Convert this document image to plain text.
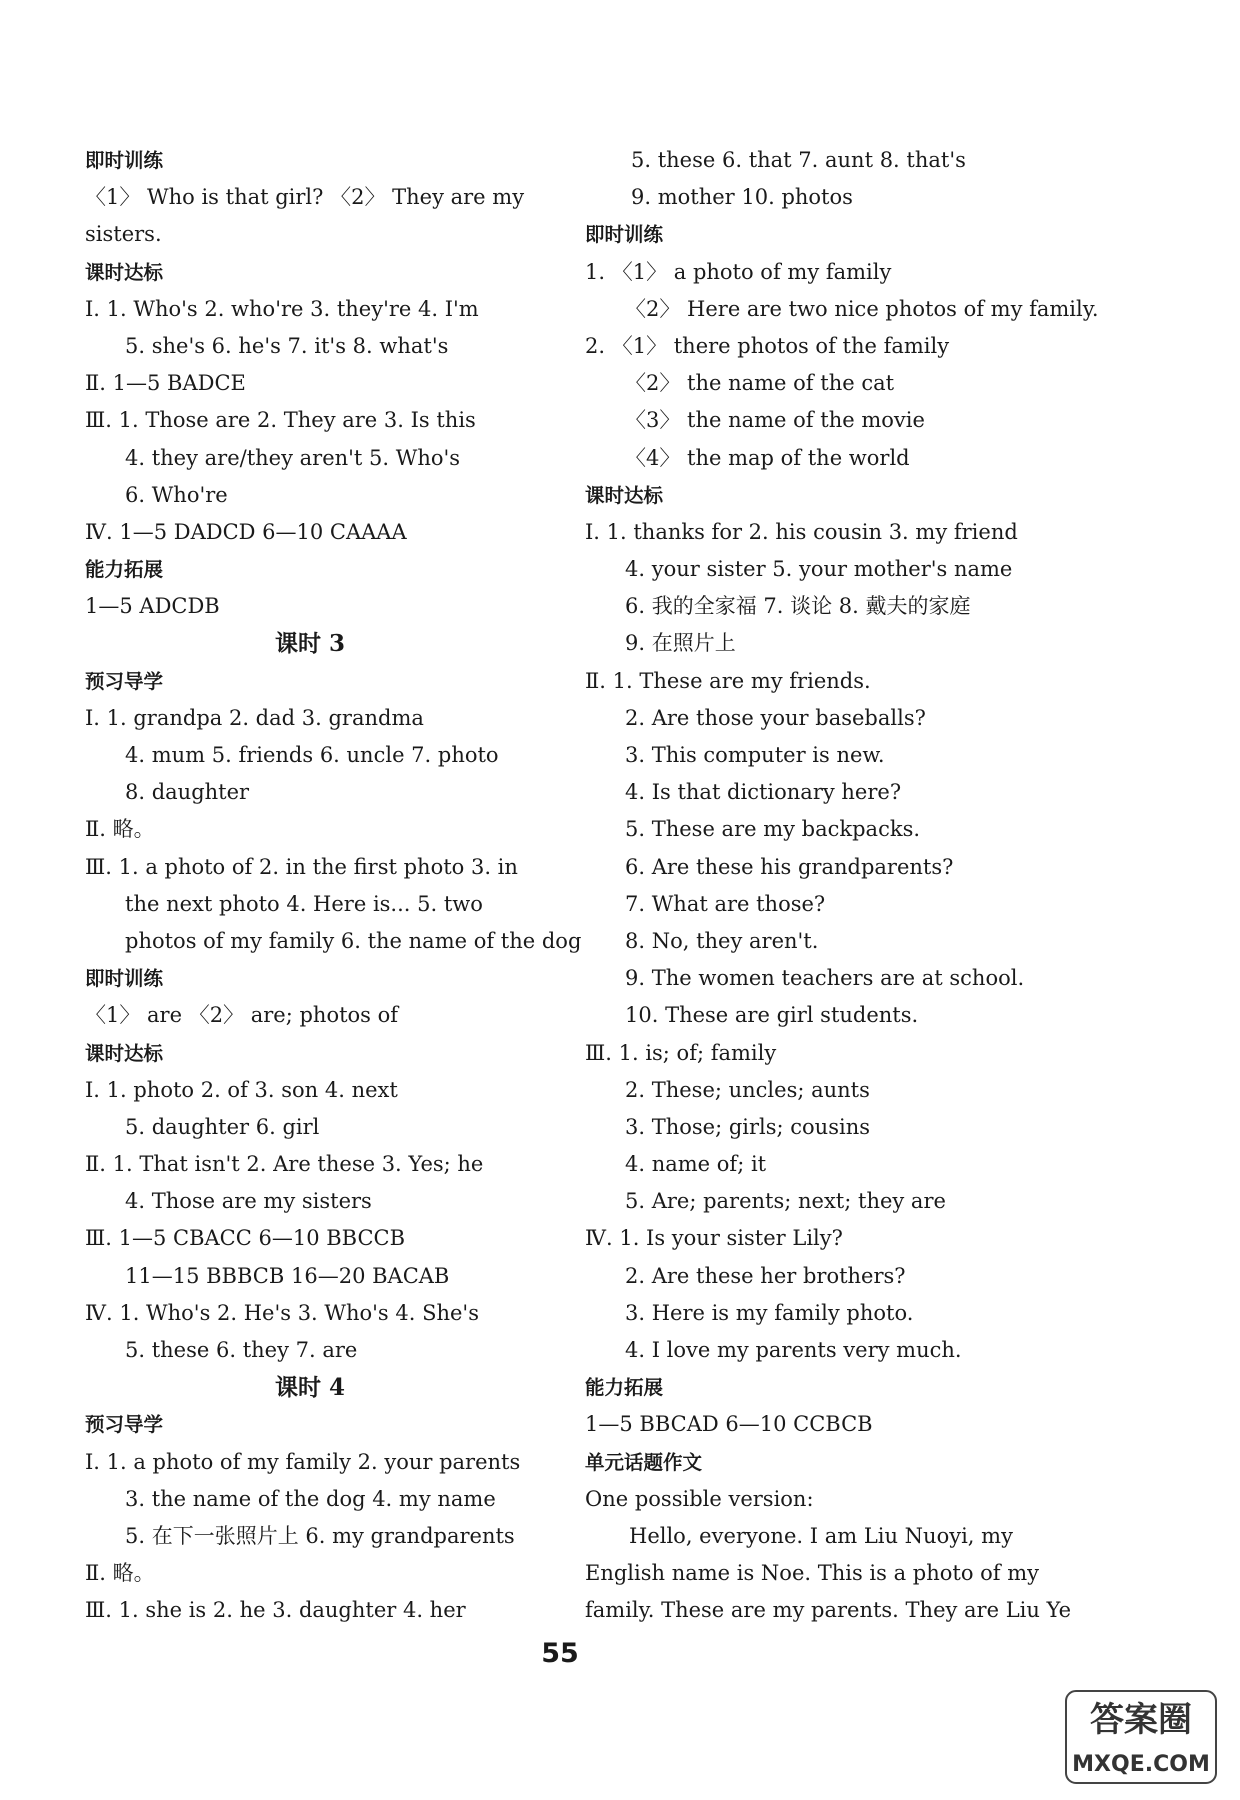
即时训练
〈1〉 Who is that girl? 〈2〉 They are my
sisters.
课时达标
Ⅰ. 1. Who's 2. who're 3. they're 4. I'm
5. she's 6. he's 7. it's 8. what's
Ⅱ. 1—5 BADCE
Ⅲ. 1. Those are 2. They are 3. Is this
4. they are/they aren't 5. Who's
6. Who're
Ⅳ. 1—5 DADCD 6—10 CAAAA
能力拓展
1—5 ADCDB
课时 3
预习导学
Ⅰ. 1. grandpa 2. dad 3. grandma
4. mum 5. friends 6. uncle 7. photo
8. daughter
Ⅱ. 略。
Ⅲ. 1. a photo of 2. in the first photo 3. in
the next photo 4. Here is... 5. two
photos of my family 6. the name of the dog
即时训练
〈1〉 are 〈2〉 are; photos of
课时达标
Ⅰ. 1. photo 2. of 3. son 4. next
5. daughter 6. girl
Ⅱ. 1. That isn't 2. Are these 3. Yes; he
4. Those are my sisters
Ⅲ. 1—5 CBACC 6—10 BBCCB
11—15 BBBCB 16—20 BACAB
Ⅳ. 1. Who's 2. He's 3. Who's 4. She's
5. these 6. they 7. are
课时 4
预习导学
Ⅰ. 1. a photo of my family 2. your parents
3. the name of the dog 4. my name
5. 在下一张照片上 6. my grandparents
Ⅱ. 略。
Ⅲ. 1. she is 2. he 3. daughter 4. her
5. these 6. that 7. aunt 8. that's
9. mother 10. photos
即时训练
1. 〈1〉 a photo of my family
〈2〉 Here are two nice photos of my family.
2. 〈1〉 there photos of the family
〈2〉 the name of the cat
〈3〉 the name of the movie
〈4〉 the map of the world
课时达标
Ⅰ. 1. thanks for 2. his cousin 3. my friend
4. your sister 5. your mother's name
6. 我的全家福 7. 谈论 8. 戴夫的家庭
9. 在照片上
Ⅱ. 1. These are my friends.
2. Are those your baseballs?
3. This computer is new.
4. Is that dictionary here?
5. These are my backpacks.
6. Are these his grandparents?
7. What are those?
8. No, they aren't.
9. The women teachers are at school.
10. These are girl students.
Ⅲ. 1. is; of; family
2. These; uncles; aunts
3. Those; girls; cousins
4. name of; it
5. Are; parents; next; they are
Ⅳ. 1. Is your sister Lily?
2. Are these her brothers?
3. Here is my family photo.
4. I love my parents very much.
能力拓展
1—5 BBCAD 6—10 CCBCB
单元话题作文
One possible version:
Hello, everyone. I am Liu Nuoyi, my
English name is Noe. This is a photo of my
family. These are my parents. They are Liu Ye
55
答案圈
MXQE.COM
